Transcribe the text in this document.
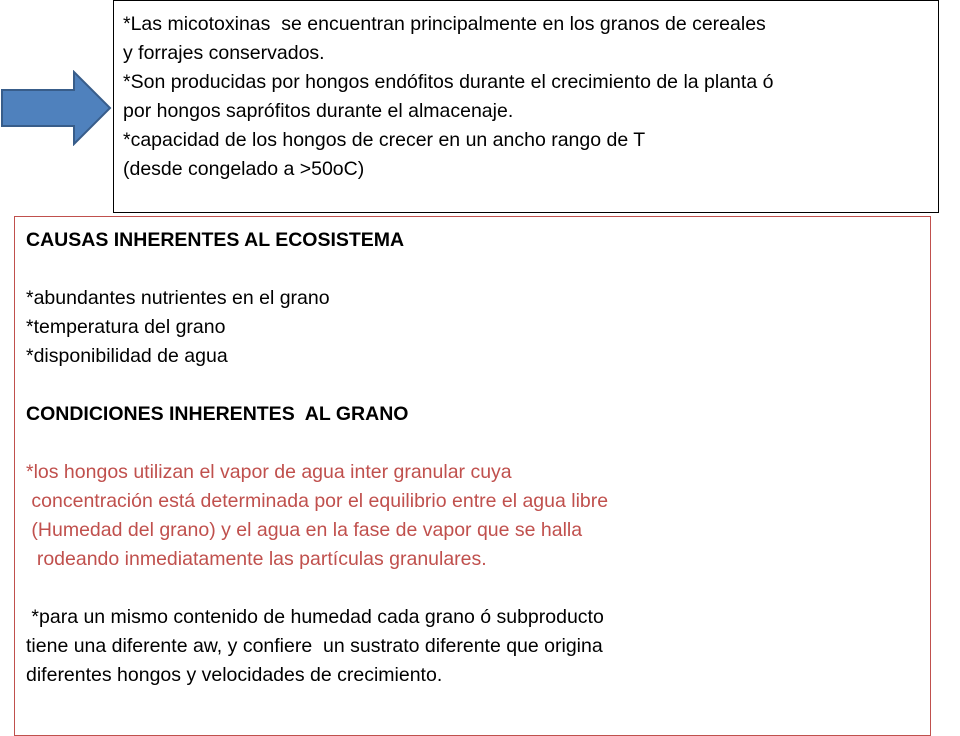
*Las micotoxinas  se encuentran principalmente en los granos de cereales

y forrajes conservados.

*Son producidas por hongos endófitos durante el crecimiento de la planta ó

por hongos saprófitos durante el almacenaje.

*capacidad de los hongos de crecer en un ancho rango de T

(desde congelado a >50oC)

CAUSAS INHERENTES AL ECOSISTEMA

*abundantes nutrientes en el grano

*temperatura del grano

*disponibilidad de agua

CONDICIONES INHERENTES  AL GRANO

*los hongos utilizan el vapor de agua inter granular cuya

concentración está determinada por el equilibrio entre el agua libre

(Humedad del grano) y el agua en la fase de vapor que se halla

rodeando inmediatamente las partículas granulares.

*para un mismo contenido de humedad cada grano ó subproducto

tiene una diferente aw, y confiere  un sustrato diferente que origina

diferentes hongos y velocidades de crecimiento.
